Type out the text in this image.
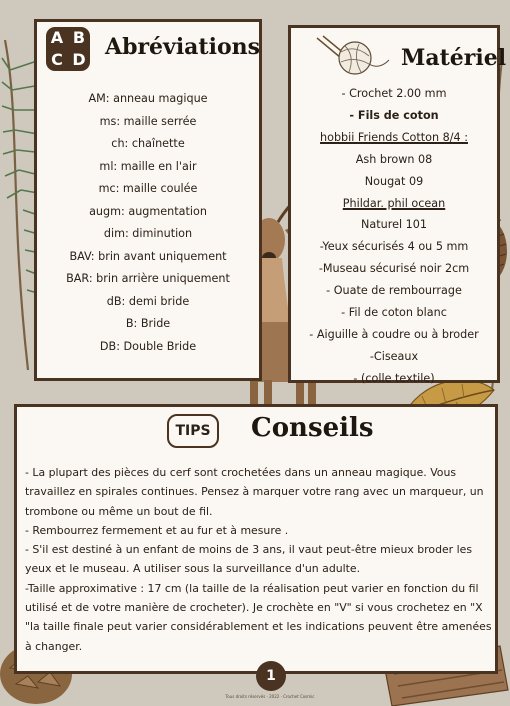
A B
C D Abréviations
AM: anneau magique
ms: maille serrée
ch: chaînette
ml: maille en l'air
mc: maille coulée
augm: augmentation
dim: diminution
BAV: brin avant uniquement
BAR: brin arrière uniquement
dB: demi bride
B: Bride
DB: Double Bride
Matériel
- Crochet 2.00 mm
- Fils de coton
hobbii Friends Cotton 8/4 :
Ash brown 08
Nougat 09
Phildar. phil ocean
Naturel 101
-Yeux sécurisés 4 ou 5 mm
-Museau sécurisé noir 2cm
- Ouate de rembourrage
- Fil de coton blanc
- Aiguille à coudre ou à broder
-Ciseaux
- (colle textile)
TIPS	Conseils

- La plupart des pièces du cerf sont crochetées dans un anneau magique. Vous travaillez en spirales continues. Pensez à marquer votre rang avec un marqueur, un trombone ou même un bout de fil.

- Rembourrez fermement et au fur et à mesure .

- S'il est destiné à un enfant de moins de 3 ans, il vaut peut-être mieux broder les yeux et le museau. A utiliser sous la surveillance d'un adulte.

-Taille approximative : 17 cm (la taille de la réalisation peut varier en fonction du fil utilisé et de votre manière de crocheter). Je crochète en "V" si vous crochetez en "X "la taille finale peut varier considérablement et les indications peuvent être amenées à changer.

1
Tous droits réservés · 2022 · Crochet Cosmic
